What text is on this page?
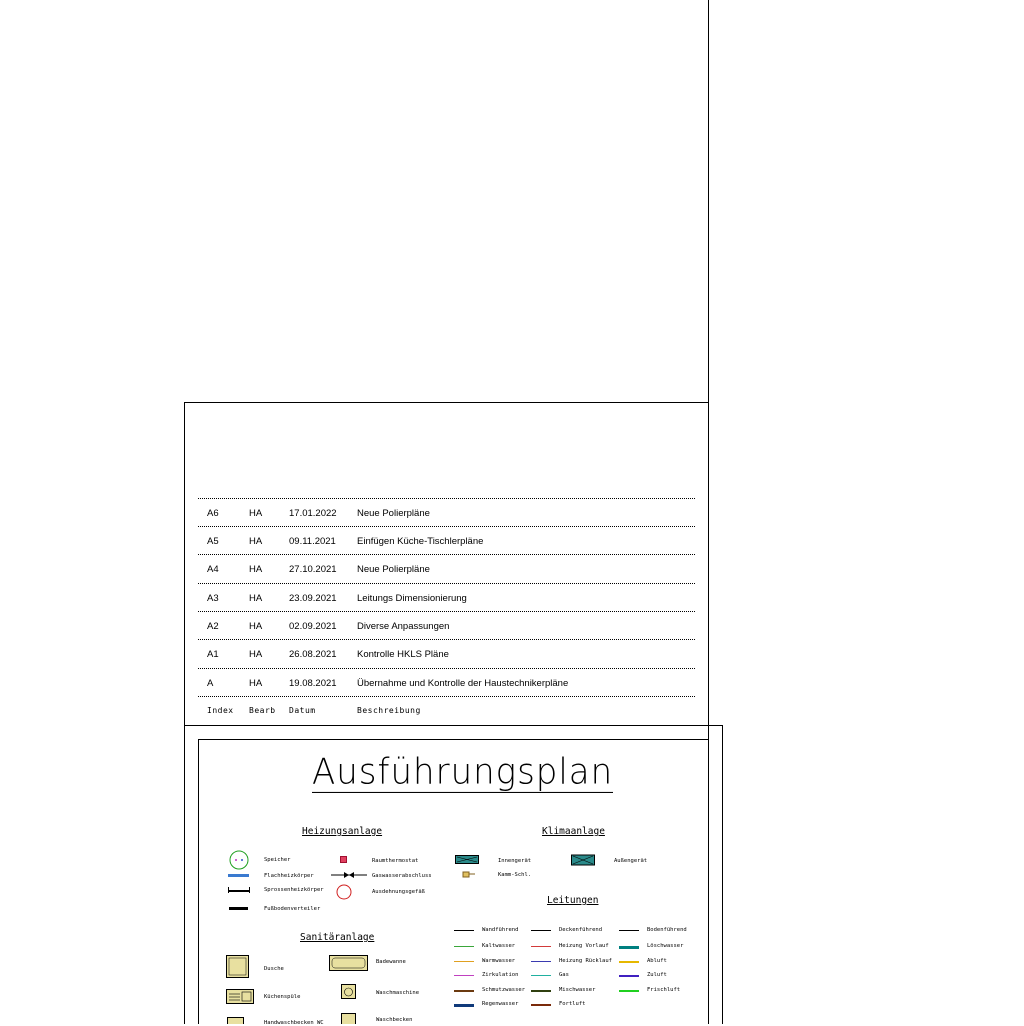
A6	HA	17.01.2022 Neue Polierpläne
A5	HA	09.11.2021 Einfügen Küche-Tischlerpläne
A4	HA	27.10.2021 Neue Polierpläne
A3	HA	23.09.2021 Leitungs Dimensionierung
A2	HA	02.09.2021 Diverse Anpassungen
A1	HA	26.08.2021 Kontrolle HKLS Pläne
A	HA	19.08.2021 Übernahme und Kontrolle der Haustechnikerpläne
Index Bearb Datum	Beschreibung
Ausführungsplan
Heizungsanlage
Speicher
Flachheizkörper
Sprossenheizkörper
Fußbodenverteiler
Raumthermostat
Gaswasserabschluss
Ausdehnungsgefäß
Klimaanlage
Innengerät
Kamm-Schl.
Außengerät
Sanitäranlage
Dusche
Küchenspüle
Badewanne
Waschmaschine
Waschbecken
Handwaschbecken WC
Leitungen
Wandführend	Deckenführend	Bodenführend
Kaltwasser	Heizung Vorlauf	Löschwasser
Warmwasser	Heizung Rücklauf	Abluft
Zirkulation	Gas	Zuluft
Schmutzwasser	Mischwasser	Frischluft
Regenwasser	Fortluft
